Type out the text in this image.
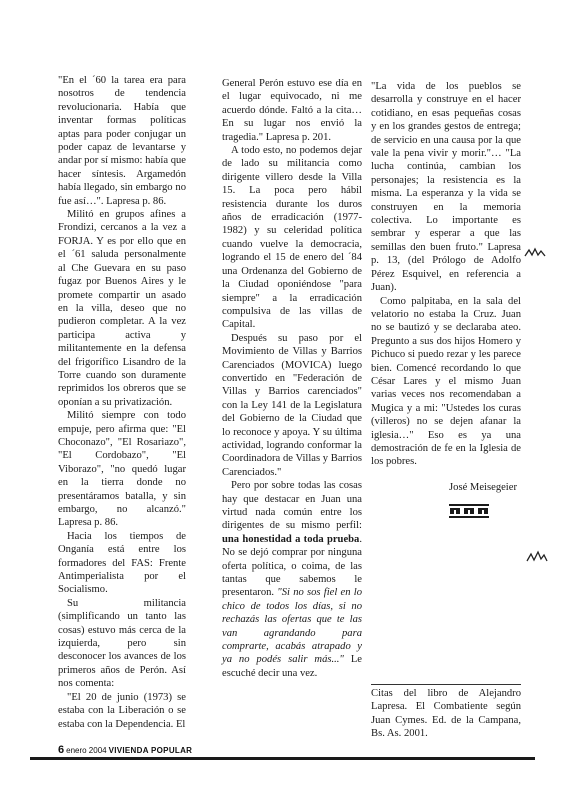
"En el ´60 la tarea era para nosotros de tendencia revolucionaria. Había que inventar formas políticas aptas para poder conjugar un poder capaz de levantarse y andar por sí mismo: había que hacer síntesis. Argamedón había llegado, sin embargo no fue así…". Lapresa p. 86.

Militó en grupos afines a Frondizi, cercanos a la vez a FORJA. Y es por ello que en el ´61 saluda personalmente al Che Guevara en su paso fugaz por Buenos Aires y le promete compartir un asado en la villa, deseo que no pudieron completar. A la vez participa activa y militantemente en la defensa del frigorífico Lisandro de la Torre cuando son duramente reprimidos los obreros que se oponían a su privatización.

Militó siempre con todo empuje, pero afirma que: "El Choconazo", "El Rosariazo", "El Cordobazo", "El Viborazo", "no quedó lugar en la tierra donde no presentáramos batalla, y sin embargo, no alcanzó." Lapresa p. 86.

Hacia los tiempos de Onganía está entre los formadores del FAS: Frente Antimperialista por el Socialismo.

Su militancia (simplificando un tanto las cosas) estuvo más cerca de la izquierda, pero sin desconocer los avances de los primeros años de Perón. Así nos comenta:

"El 20 de junio (1973) se estaba con la Liberación o se estaba con la Dependencia. El

General Perón estuvo ese día en el lugar equivocado, ni me acuerdo dónde. Faltó a la cita… En su lugar nos envió la tragedia." Lapresa p. 201.

A todo esto, no podemos dejar de lado su militancia como dirigente villero desde la Villa 15. La poca pero hábil resistencia durante los duros años de erradicación (1977-1982) y su celeridad política cuando vuelve la democracia, logrando el 15 de enero del ´84 una Ordenanza del Gobierno de la Ciudad oponiéndose "para siempre" a la erradicación compulsiva de las villas de Capital.

Después su paso por el Movimiento de Villas y Barrios Carenciados (MOVICA) luego convertido en "Federación de Villas y Barrios carenciados" con la Ley 141 de la Legislatura del Gobierno de la Ciudad que lo reconoce y apoya. Y su última actividad, logrando conformar la Coordinadora de Villas y Barrios Carenciados."

Pero por sobre todas las cosas hay que destacar en Juan una virtud nada común entre los dirigentes de su mismo perfil: una honestidad a toda prueba. No se dejó comprar por ninguna oferta política, o coima, de las tantas que sabemos le presentaron. "Si no sos fiel en lo chico de todos los días, si no rechazás las ofertas que te las van agrandando para comprarte, acabás atrapado y ya no podés salir más..." Le escuché decir una vez.

"La vida de los pueblos se desarrolla y construye en el hacer cotidiano, en esas pequeñas cosas y en los grandes gestos de entrega; de servicio en una causa por la que vale la pena vivir y morir."… "La lucha continúa, cambian los personajes; la resistencia es la misma. La esperanza y la vida se construyen en la memoria colectiva. Lo importante es sembrar y esperar a que las semillas den buen fruto." Lapresa p. 13, (del Prólogo de Adolfo Pérez Esquivel, en referencia a Juan).

Como palpitaba, en la sala del velatorio no estaba la Cruz. Juan no se bautizó y se declaraba ateo. Pregunto a sus dos hijos Homero y Pichuco si puedo rezar y les parece bien. Comencé recordando lo que César Lares y el mismo Juan varias veces nos recomendaban a Mugica y a mi: "Ustedes los curas (villeros) no se dejen afanar la iglesia…" Eso es ya una demostración de fe en la Iglesia de los pobres.

José Meisegeier

Citas del libro de Alejandro Lapresa. El Combatiente según Juan Cymes. Ed. de la Campana, Bs. As. 2001.
6 enero 2004 VIVIENDA POPULAR
